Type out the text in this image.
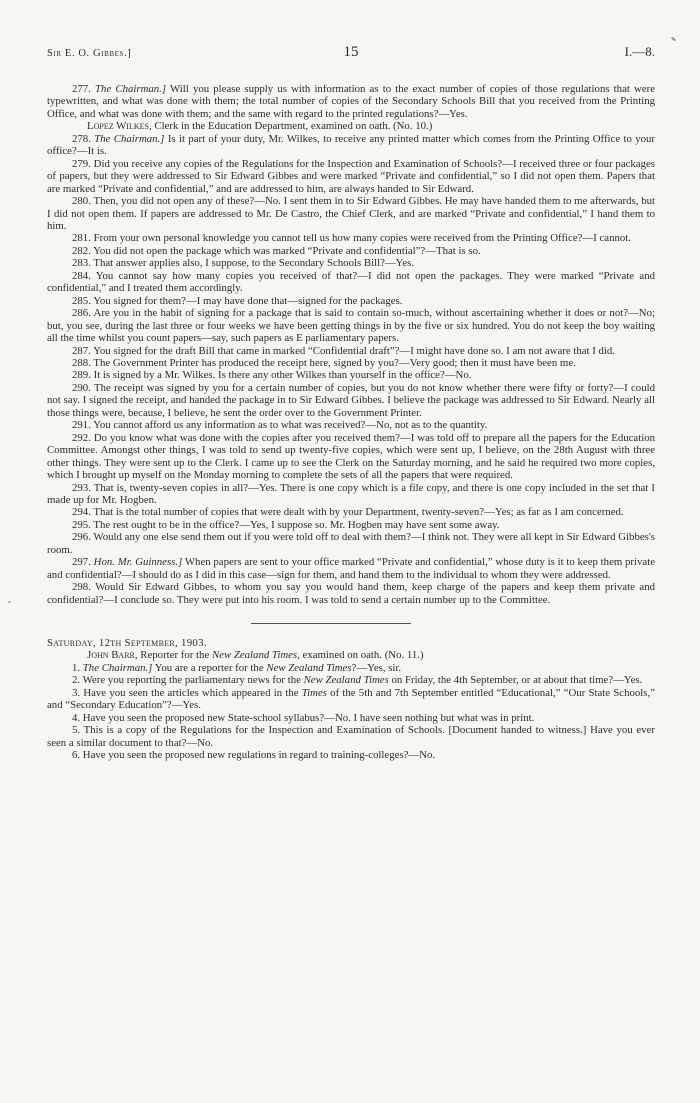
Sir E. O. Gibbes.]	15	I.—8.

277. The Chairman.] Will you please supply us with information as to the exact number of copies of those regulations that were typewritten, and what was done with them; the total number of copies of the Secondary Schools Bill that you received from the Printing Office, and what was done with them; and the same with regard to the printed regulations?—Yes.

Lopez Wilkes, Clerk in the Education Department, examined on oath. (No. 10.)

278. The Chairman.] Is it part of your duty, Mr. Wilkes, to receive any printed matter which comes from the Printing Office to your office?—It is.

279. Did you receive any copies of the Regulations for the Inspection and Examination of Schools?—I received three or four packages of papers, but they were addressed to Sir Edward Gibbes and were marked “Private and confidential,” so I did not open them. Papers that are marked “Private and confidential,” and are addressed to him, are always handed to Sir Edward.

280. Then, you did not open any of these?—No. I sent them in to Sir Edward Gibbes. He may have handed them to me afterwards, but I did not open them. If papers are addressed to Mr. De Castro, the Chief Clerk, and are marked “Private and confidential,” I hand them to him.

281. From your own personal knowledge you cannot tell us how many copies were received from the Printing Office?—I cannot.

282. You did not open the package which was marked “Private and confidential”?—That is so.

283. That answer applies also, I suppose, to the Secondary Schools Bill?—Yes.

284. You cannot say how many copies you received of that?—I did not open the packages. They were marked “Private and confidential,” and I treated them accordingly.

285. You signed for them?—I may have done that—signed for the packages.

286. Are you in the habit of signing for a package that is said to contain so-much, without ascertaining whether it does or not?—No; but, you see, during the last three or four weeks we have been getting things in by the five or six hundred. You do not keep the boy waiting all the time whilst you count papers—say, such papers as E parliamentary papers.

287. You signed for the draft Bill that came in marked “Confidential draft”?—I might have done so. I am not aware that I did.

288. The Government Printer has produced the receipt here, signed by you?—Very good; then it must have been me.

289. It is signed by a Mr. Wilkes. Is there any other Wilkes than yourself in the office?—No.

290. The receipt was signed by you for a certain number of copies, but you do not know whether there were fifty or forty?—I could not say. I signed the receipt, and handed the package in to Sir Edward Gibbes. I believe the package was addressed to Sir Edward. Nearly all those things were, because, I believe, he sent the order over to the Government Printer.

291. You cannot afford us any information as to what was received?—No, not as to the quantity.

292. Do you know what was done with the copies after you received them?—I was told off to prepare all the papers for the Education Committee. Amongst other things, I was told to send up twenty-five copies, which were sent up, I believe, on the 28th August with three other things. They were sent up to the Clerk. I came up to see the Clerk on the Saturday morning, and he said he required two more copies, which I brought up myself on the Monday morning to complete the sets of all the papers that were required.

293. That is, twenty-seven copies in all?—Yes. There is one copy which is a file copy, and there is one copy included in the set that I made up for Mr. Hogben.

294. That is the total number of copies that were dealt with by your Department, twenty-seven?—Yes; as far as I am concerned.

295. The rest ought to be in the office?—Yes, I suppose so. Mr. Hogben may have sent some away.

296. Would any one else send them out if you were told off to deal with them?—I think not. They were all kept in Sir Edward Gibbes's room.

297. Hon. Mr. Guinness.] When papers are sent to your office marked “Private and confidential,” whose duty is it to keep them private and confidential?—I should do as I did in this case—sign for them, and hand them to the individual to whom they were addressed.

298. Would Sir Edward Gibbes, to whom you say you would hand them, keep charge of the papers and keep them private and confidential?—I conclude so. They were put into his room. I was told to send a certain number up to the Committee.

Saturday, 12th September, 1903.

John Barr, Reporter for the New Zealand Times, examined on oath. (No. 11.)

1. The Chairman.] You are a reporter for the New Zealand Times?—Yes, sir.

2. Were you reporting the parliamentary news for the New Zealand Times on Friday, the 4th September, or at about that time?—Yes.

3. Have you seen the articles which appeared in the Times of the 5th and 7th September entitled “Educational,” “Our State Schools,” and “Secondary Education”?—Yes.

4. Have you seen the proposed new State-school syllabus?—No. I have seen nothing but what was in print.

5. This is a copy of the Regulations for the Inspection and Examination of Schools. [Document handed to witness.] Have you ever seen a similar document to that?—No.

6. Have you seen the proposed new regulations in regard to training-colleges?—No.
